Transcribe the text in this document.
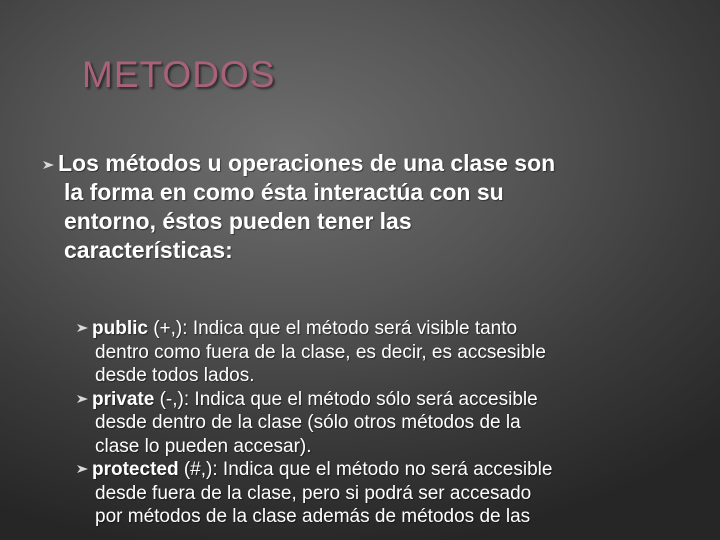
METODOS
Los métodos u operaciones de una clase son
la forma en como ésta interactúa con su
entorno, éstos pueden tener las
características:
public (+,): Indica que el método será visible tanto
dentro como fuera de la clase, es decir, es accsesible
desde todos lados.
private (-,): Indica que el método sólo será accesible
desde dentro de la clase (sólo otros métodos de la
clase lo pueden accesar).
protected (#,): Indica que el método no será accesible
desde fuera de la clase, pero si podrá ser accesado
por métodos de la clase además de métodos de las
